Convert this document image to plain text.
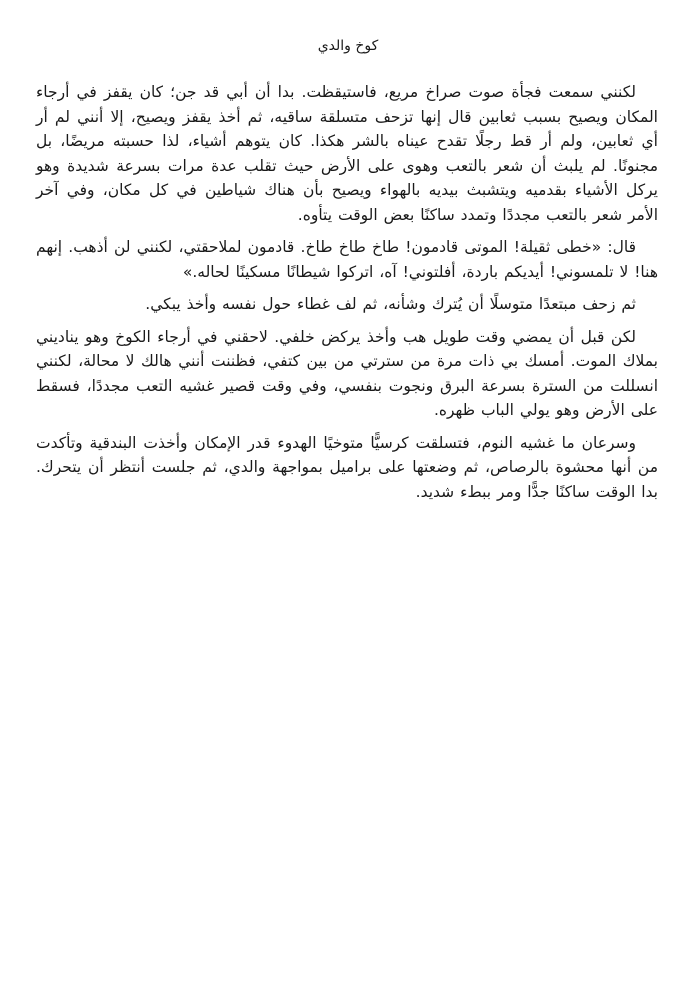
كوخ والدي

لكنني سمعت فجأة صوت صراخ مريع، فاستيقظت. بدا أن أبي قد جن؛ كان يقفز في أرجاء المكان ويصيح بسبب ثعابين قال إنها تزحف متسلقة ساقيه، ثم أخذ يقفز ويصيح، إلا أنني لم أر أي ثعابين، ولم أر قط رجلًا تقدح عيناه بالشر هكذا. كان يتوهم أشياء، لذا حسبته مريضًا، بل مجنونًا. لم يلبث أن شعر بالتعب وهوى على الأرض حيث تقلب عدة مرات بسرعة شديدة وهو يركل الأشياء بقدميه ويتشبث بيديه بالهواء ويصيح بأن هناك شياطين في كل مكان، وفي آخر الأمر شعر بالتعب مجددًا وتمدد ساكنًا بعض الوقت يتأوه.

قال: «خطى ثقيلة! الموتى قادمون! طاخ طاخ طاخ. قادمون لملاحقتي، لكنني لن أذهب. إنهم هنا! لا تلمسوني! أيديكم باردة، أفلتوني! آه، اتركوا شيطانًا مسكينًا لحاله.»

ثم زحف مبتعدًا متوسلًا أن يُترك وشأنه، ثم لف غطاء حول نفسه وأخذ يبكي.

لكن قبل أن يمضي وقت طويل هب وأخذ يركض خلفي. لاحقني في أرجاء الكوخ وهو يناديني بملاك الموت. أمسك بي ذات مرة من سترتي من بين كتفي، فظننت أنني هالك لا محالة، لكنني انسللت من السترة بسرعة البرق ونجوت بنفسي، وفي وقت قصير غشيه التعب مجددًا، فسقط على الأرض وهو يولي الباب ظهره.

وسرعان ما غشيه النوم، فتسلقت كرسيًّا متوخيًا الهدوء قدر الإمكان وأخذت البندقية وتأكدت من أنها محشوة بالرصاص، ثم وضعتها على براميل بمواجهة والدي، ثم جلست أنتظر أن يتحرك. بدا الوقت ساكنًا جدًّا ومر ببطء شديد.
